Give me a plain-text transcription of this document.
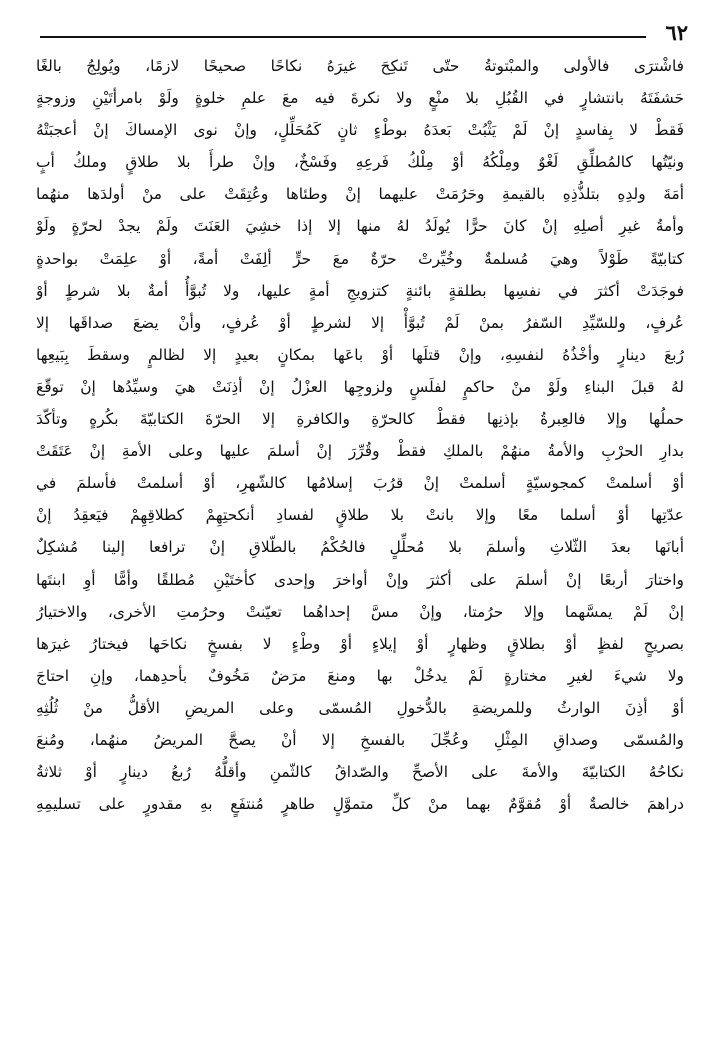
٦٢
فاشْترَى فالأولى والمبْتوتةُ حتّى تَنكِحَ غيرَهُ نكاحًا صحيحًا لازمًا، ويُولِجُ بالغًا
حَشفَتَهُ بانتشارٍ في القُبُلِ بلا منْعٍ ولا نكرةَ فيه معَ علمِ خلوةٍ ولَوْ بامرأتَيْنِ وزوجةٍ
فَقطْ لا بِفاسدٍ إنْ لَمْ يَثْبُتْ بَعدَهُ بوطْءٍ ثانٍ كَمُحَلِّلٍ، وإنْ نوى الإمساكَ إنْ أعجبَتْهُ
ونيّتُها كالمُطلِّقِ لَغْوٌ ومِلْكُهُ أوْ مِلْكُ فَرعِهِ وفَسْخٌ، وإنْ طرأَ بلا طلاقٍ وملكُ أبٍ
أمَةَ ولدِهِ بتلذُّذِهِ بالقيمةِ وحَرُمَتْ عليهما إنْ وطئاها وعُتِقَتْ على منْ أولدَها منهُما
وأمةُ غيرِ أصلِهِ إنْ كانَ حرًّا يُولَدُ لهُ منها إلا إذا خشِيَ العَنَتَ ولَمْ يجدْ لحرّةٍ ولَوْ
كتابيّةً طَوْلاً وهيَ مُسلمةٌ وخُيِّرتْ حرّةٌ معَ حرٍّ ألِفَتْ أمةً، أوْ علِمَتْ بواحدةٍ
فوجَدَتْ أكثرَ في نفسِها بطلقةٍ بائنةٍ كتزويجِ أمةٍ عليها، ولا تُبوَّأُ أمةٌ بلا شرطٍ أوْ
عُرفٍ، وللسّيِّدِ السّفرُ بمنْ لَمْ تُبوَّأْ إلا لشرطٍ أوْ عُرفٍ، وأنْ يضعَ صداقَها إلا
رُبعَ دينارٍ وأخْذُهُ لنفسِهِ، وإنْ قتلَها أوْ باعَها بمكانٍ بعيدٍ إلا لظالمٍ وسقطَ بِبَيعِها
لهُ قبلَ البناءِ ولَوْ منْ حاكمٍ لفلَسٍ ولزوجِها العزْلُ إنْ أذِنَتْ هيَ وسيِّدُها إنْ توقّعَ
حملُها وإلا فالعِبرةُ بإذنِها فقطْ كالحرّةِ والكافرةِ إلا الحرّةَ الكتابيّةَ بكُرهٍ وتأكّدَ
بدارِ الحرْبِ والأمةُ منهُمْ بالملكِ فقطْ وقُرِّرَ إنْ أسلمَ عليها وعلى الأمةِ إنْ عَتَقَتْ
أوْ أسلمتْ كمجوسيّةٍ أسلمتْ إنْ قرُبَ إسلامُها كالشّهرِ، أوْ أسلمتْ فأسلمَ في
عدّتِها أوْ أسلما معًا وإلا بانتْ بلا طلاقٍ لفسادِ أنكحتِهِمْ كطلاقِهِمْ فيَعقِدُ إنْ
أبانَها بعدَ الثّلاثِ وأسلمَ بلا مُحلِّلٍ فالحُكْمُ بالطّلاقِ إنْ ترافعا إلينا مُشكِلٌ
واختارَ أربعًا إنْ أسلمَ على أكثرَ وإنْ أواخرَ وإحدى كأختَيْنِ مُطلقًا وأمًّا أوِ ابنتَها
إنْ لَمْ يمسَّهما وإلا حرُمتا، وإنْ مسَّ إحداهُما تعيّنتْ وحرُمتِ الأخرى، والاختيارُ
بصريحٍ لفظٍ أوْ بطلاقٍ وظهارٍ أوْ إيلاءٍ أوْ وطْءٍ لا بفسخٍ نكاحَها فيختارُ غيرَها
ولا شيءَ لغيرِ مختارةٍ لَمْ يدخُلْ بها ومنعَ مرَضٌ مَخُوفٌ بأحدِهما، وإنِ احتاجَ
أوْ أذِنَ الوارثُ وللمريضةِ بالدُّخولِ المُسمّى وعلى المريضِ الأقلُّ منْ ثُلُثِهِ
والمُسمّى وصداقِ المِثْلِ وعُجِّلَ بالفسخِ إلا أنْ يصحَّ المريضُ منهُما، ومُنعَ
نكاحُهُ الكتابيّةَ والأمةَ على الأصحِّ والصّداقُ كالثّمنِ وأقلُّهُ رُبعُ دينارٍ أوْ ثلاثةُ
دراهمَ خالصةٌ أوْ مُقوَّمٌ بهما منْ كلِّ متموَّلٍ طاهرٍ مُنتفَعٍ بهِ مقدورٍ على تسليمِهِ
